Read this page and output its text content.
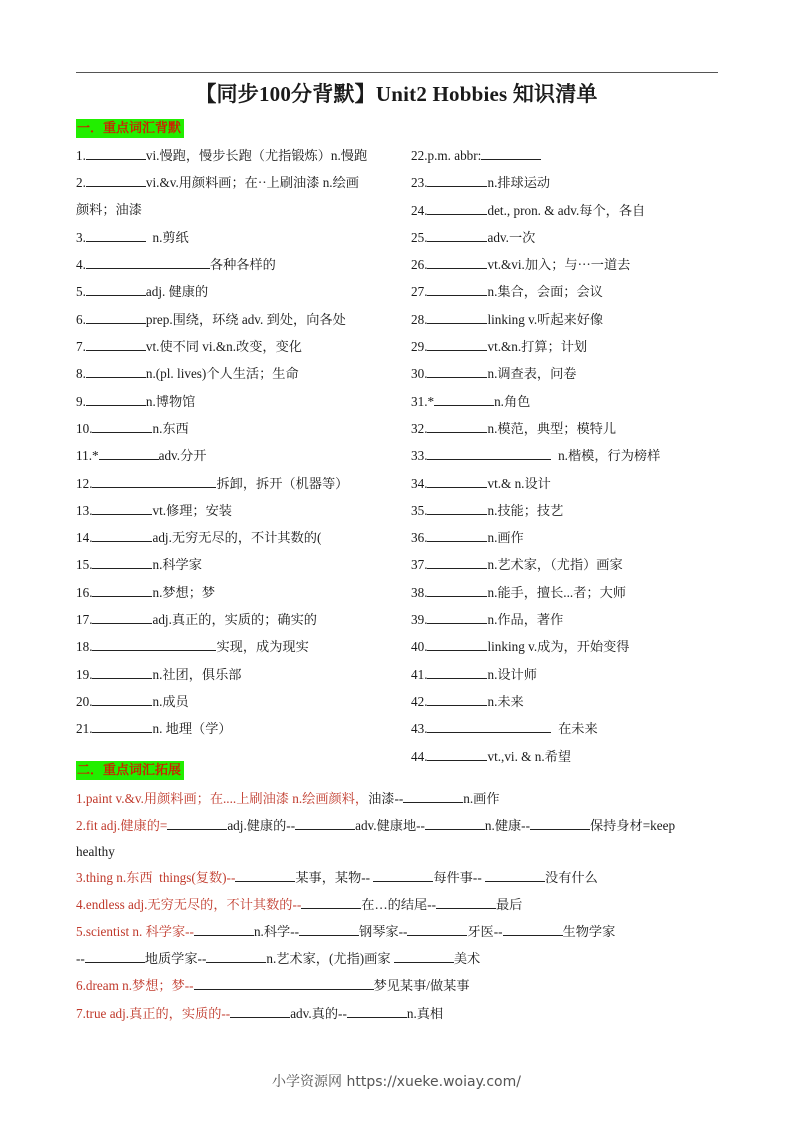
【同步100分背默】Unit2 Hobbies 知识清单
一．重点词汇背默
1.	vi.慢跑，慢步长跑（尤指锻炼）n.慢跑
2.	vi.&v.用颜料画；在··上刷油漆 n.绘画
颜料；油漆
3.	n.剪纸
4.	各种各样的
5.	adj. 健康的
6.	prep.围绕，环绕 adv. 到处，向各处
7.	vt.使不同 vi.&n.改变，变化
8.	n.(pl. lives)个人生活；生命
9.	n.博物馆
10.	n.东西
11.*	adv.分开
12.	拆卸，拆开（机器等）
13.	vt.修理；安装
14.	adj.无穷无尽的，不计其数的(
15.	n.科学家
16.	n.梦想；梦
17.	adj.真正的，实质的；确实的
18.	实现，成为现实
19.	n.社团，俱乐部
20.	n.成员
21.	n. 地理（学）
22.p.m. abbr:
23.	n.排球运动
24.	det., pron. & adv.每个，各自
25.	adv.一次
26.	vt.&vi.加入；与···一道去
27.	n.集合，会面；会议
28.	linking v.听起来好像
29.	vt.&n.打算；计划
30.	n.调查表，问卷
31.*	n.角色
32.	n.模范，典型；模特儿
33.	n.楷模，行为榜样
34.	vt.& n.设计
35.	n.技能；技艺
36.	n.画作
37.	n.艺术家，（尤指）画家
38.	n.能手，擅长...者；大师
39.	n.作品，著作
40.	linking v.成为，开始变得
41.	n.设计师
42.	n.未来
43.	在未来
44.	vt.,vi. & n.希望
二．重点词汇拓展
1.paint v.&v.用颜料画；在....上刷油漆 n.绘画颜料，油漆--	n.画作
2.fit adj.健康的=	adj.健康的--	adv.健康地--	n.健康--	保持身材=keep
healthy
3.thing n.东西  things(复数)--	某事，某物--	每件事--	没有什么
4.endless adj.无穷无尽的，不计其数的--	在…的结尾--	最后
5.scientist n. 科学家--	n.科学--	钢琴家--	牙医--	生物学家
--	地质学家--	n.艺术家，(尤指)画家	美术
6.dream n.梦想；梦--	梦见某事/做某事
7.true adj.真正的，实质的--	adv.真的--	n.真相
小学资源网 https://xueke.woiay.com/
